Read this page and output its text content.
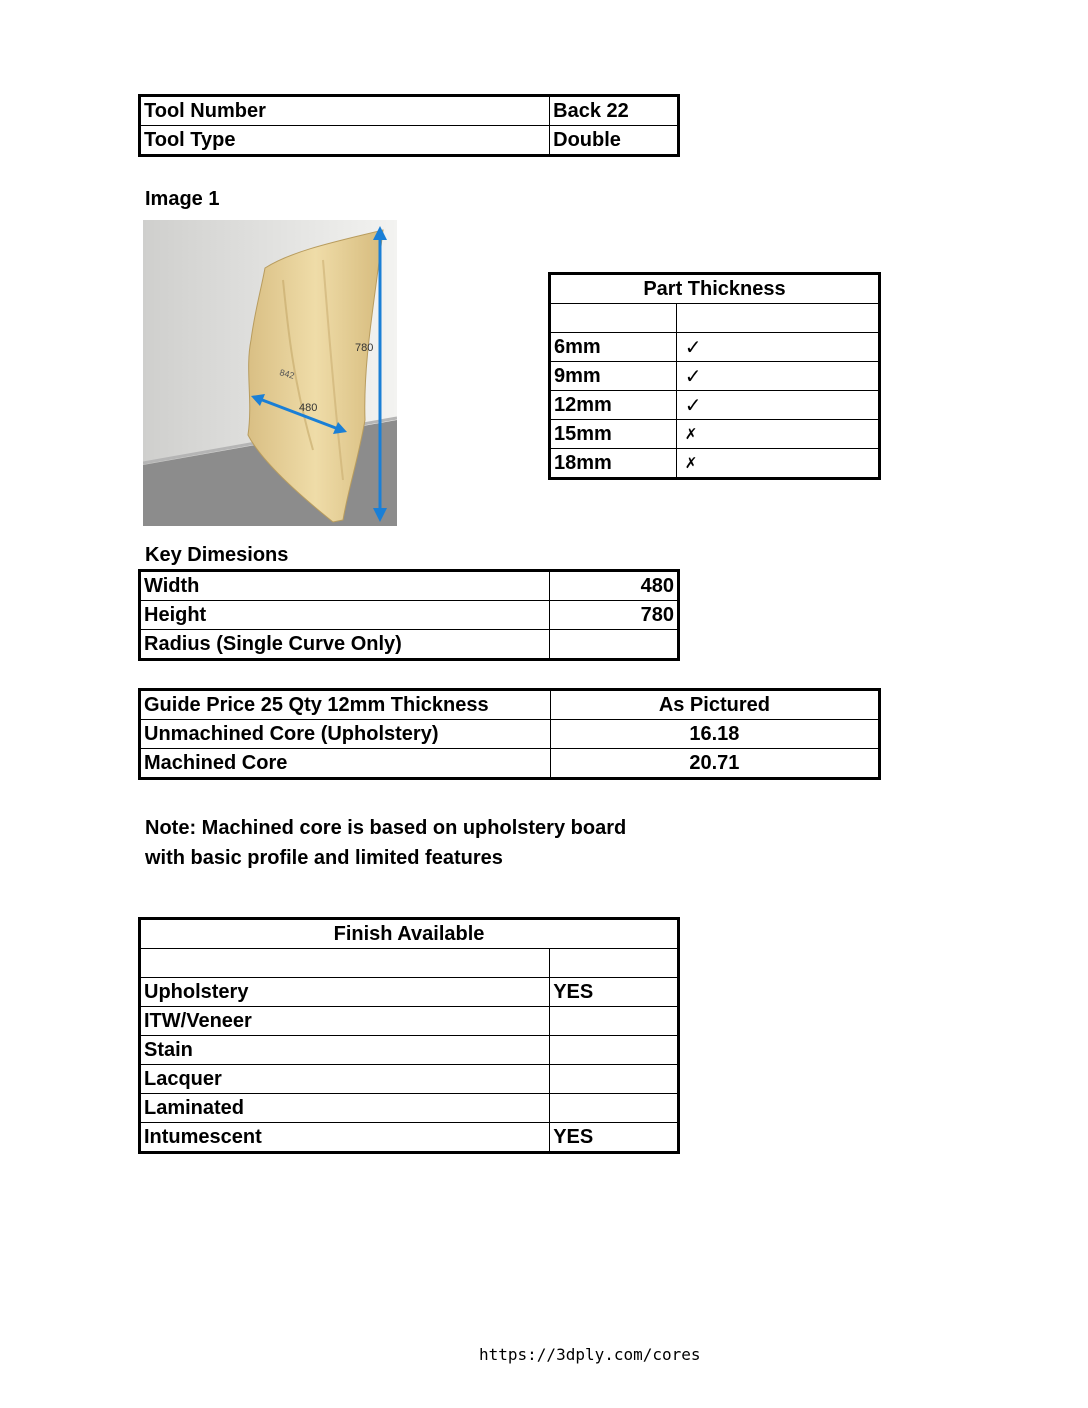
Tool Number	Back 22
Tool Type	Double
Image 1
780
480
842
Part Thickness	

6mm	✓
9mm	✓
12mm	✓
15mm	✗
18mm	✗
Key Dimesions
Width	480
Height	780
Radius (Single Curve Only)	
Guide Price 25 Qty 12mm Thickness	As Pictured
Unmachined Core (Upholstery)	16.18
Machined Core	20.71
Note: Machined core is based on upholstery board
with basic profile and limited features
Finish Available	

Upholstery	YES
ITW/Veneer	
Stain	
Lacquer	
Laminated	
Intumescent	YES
https://3dply.com/cores
